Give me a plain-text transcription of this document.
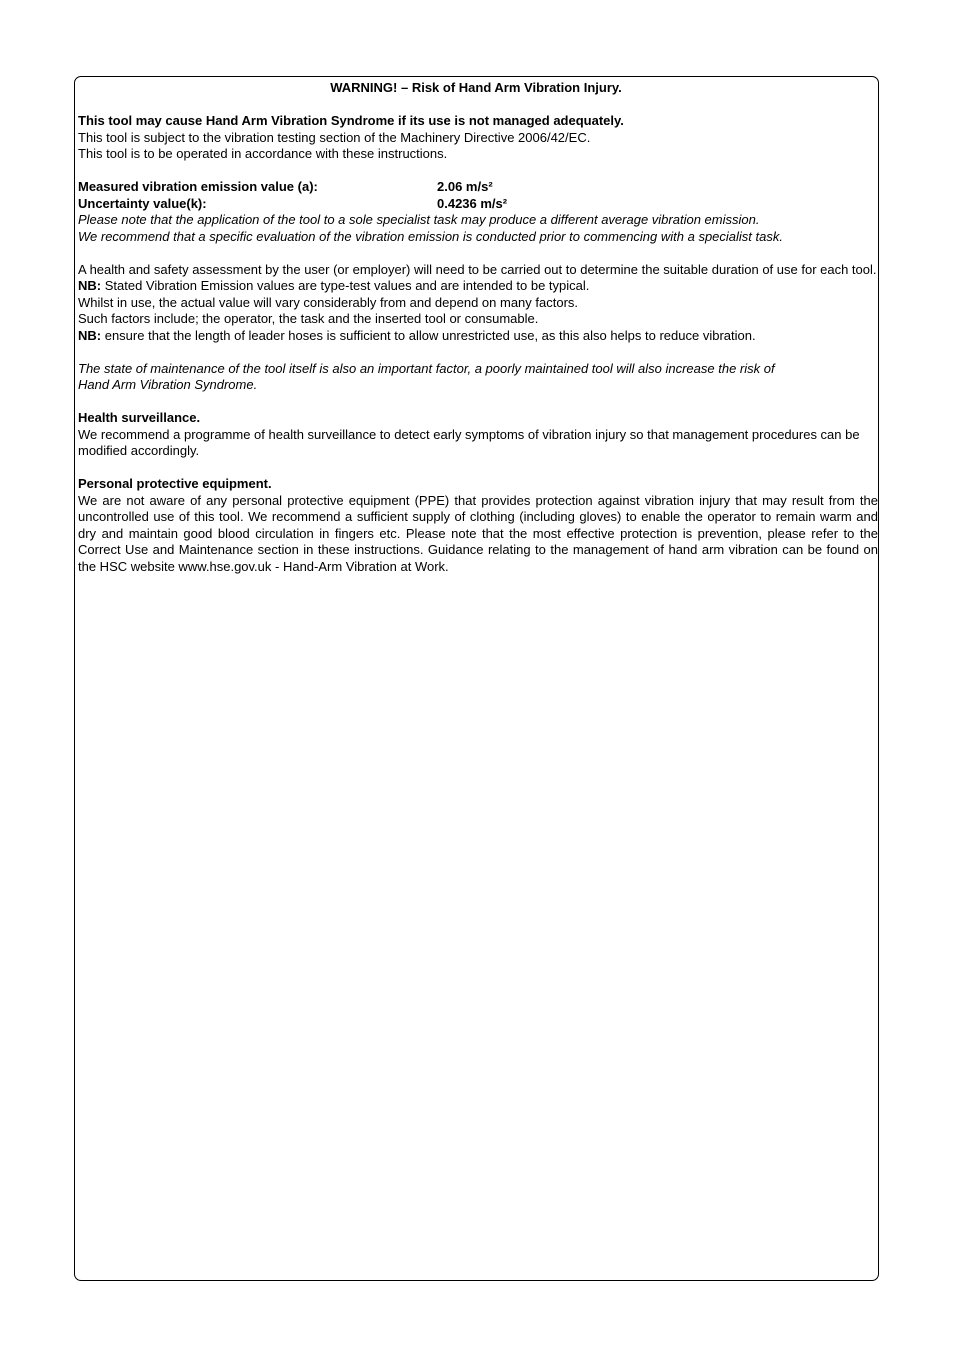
WARNING! – Risk of Hand Arm Vibration Injury.

This tool may cause Hand Arm Vibration Syndrome if its use is not managed adequately.

This tool is subject to the vibration testing section of the Machinery Directive 2006/42/EC.

This tool is to be operated in accordance with these instructions.

Measured vibration emission value (a):	2.06 m/s²
Uncertainty value(k):	0.4236 m/s²

Please note that the application of the tool to a sole specialist task may produce a different average vibration emission.

We recommend that a specific evaluation of the vibration emission is conducted prior to commencing with a specialist task.

A health and safety assessment by the user (or employer) will need to be carried out to determine the suitable duration of use for each tool.

NB: Stated Vibration Emission values are type-test values and are intended to be typical.

Whilst in use, the actual value will vary considerably from and depend on many factors.

Such factors include; the operator, the task and the inserted tool or consumable.

NB: ensure that the length of leader hoses is sufficient to allow unrestricted use, as this also helps to reduce vibration.

The state of maintenance of the tool itself is also an important factor, a poorly maintained tool will also increase the risk of

Hand Arm Vibration Syndrome.

Health surveillance.

We recommend a programme of health surveillance to detect early symptoms of vibration injury so that management procedures can be modified accordingly.

Personal protective equipment.

We are not aware of any personal protective equipment (PPE) that provides protection against vibration injury that may result from the uncontrolled use of this tool. We recommend a sufficient supply of clothing (including gloves) to enable the operator to remain warm and dry and maintain good blood circulation in fingers etc. Please note that the most effective protection is prevention, please refer to the Correct Use and Maintenance section in these instructions. Guidance relating to the management of hand arm vibration can be found on the HSC website www.hse.gov.uk - Hand-Arm Vibration at Work.
